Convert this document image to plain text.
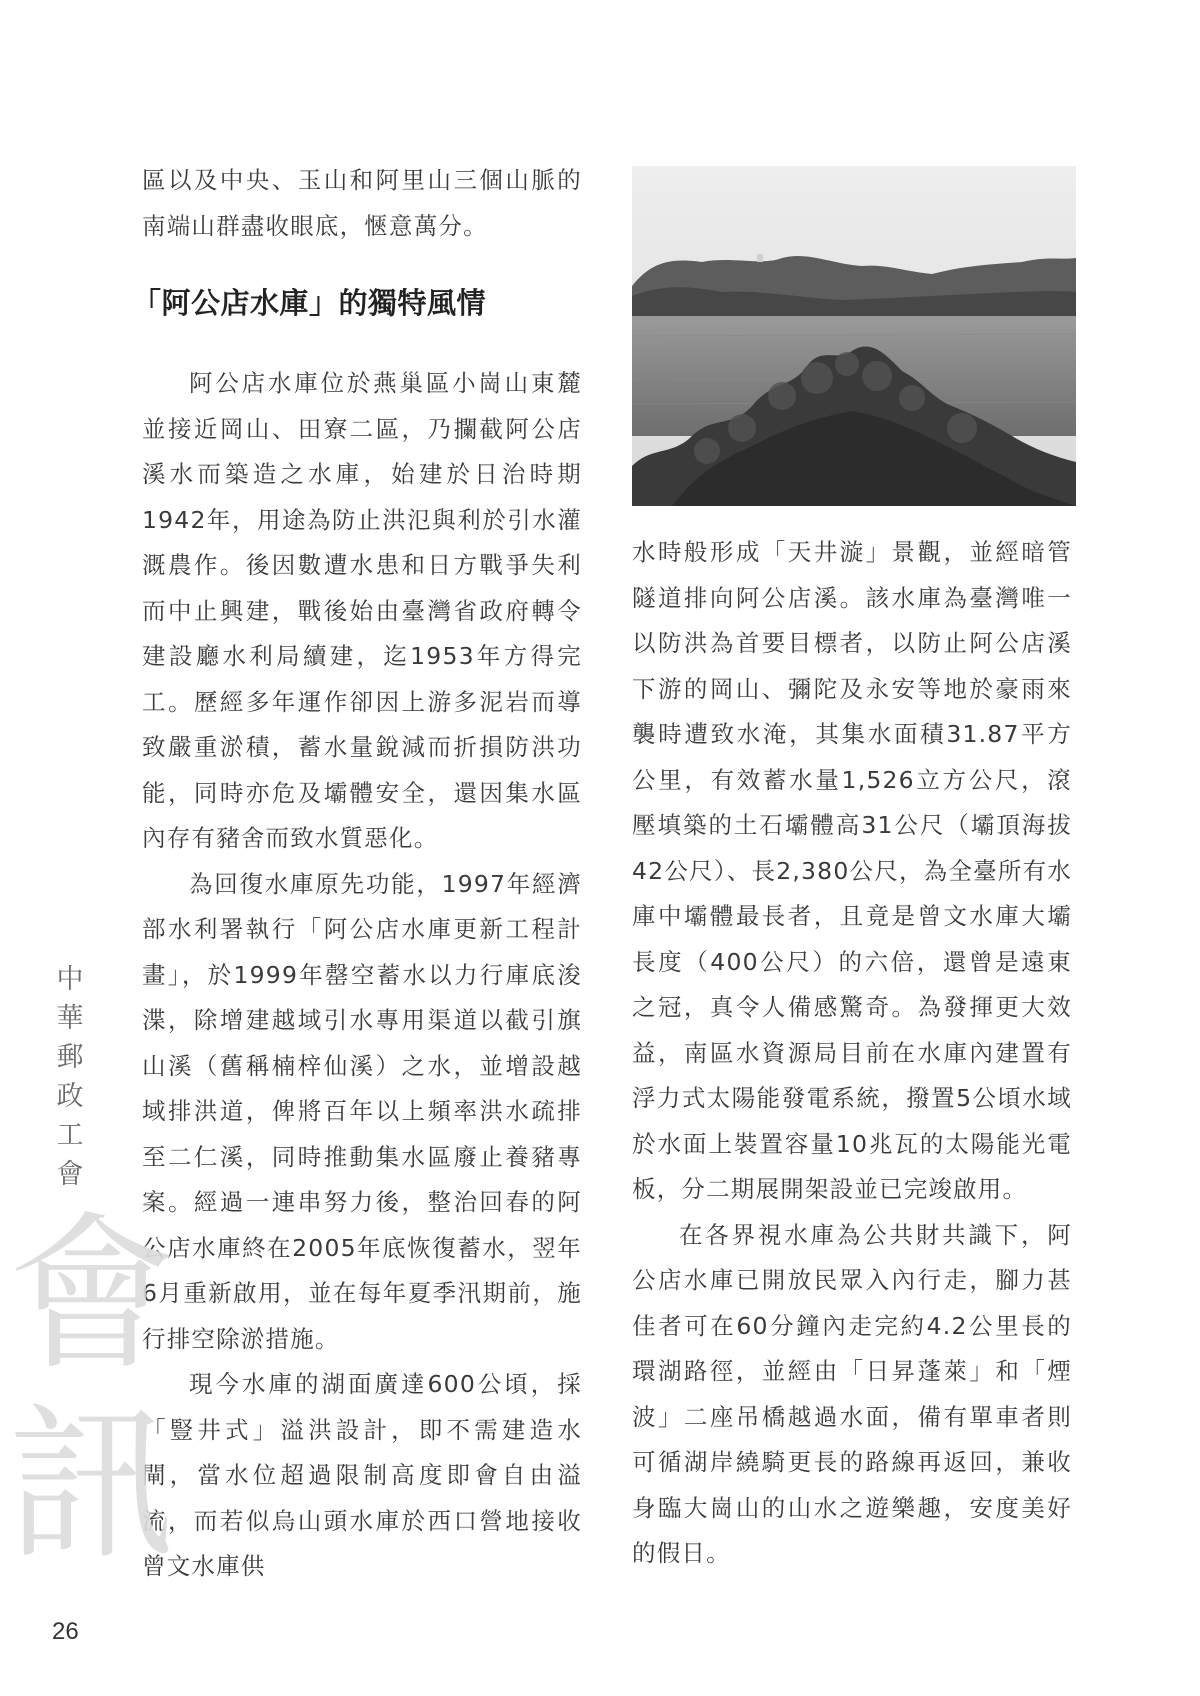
區以及中央、玉山和阿里山三個山脈的南端山群盡收眼底，愜意萬分。

「阿公店水庫」的獨特風情

阿公店水庫位於燕巢區小崗山東麓並接近岡山、田寮二區，乃攔截阿公店溪水而築造之水庫，始建於日治時期1942年，用途為防止洪氾與利於引水灌溉農作。後因數遭水患和日方戰爭失利而中止興建，戰後始由臺灣省政府轉令建設廳水利局續建，迄1953年方得完工。歷經多年運作卻因上游多泥岩而導致嚴重淤積，蓄水量銳減而折損防洪功能，同時亦危及壩體安全，還因集水區內存有豬舍而致水質惡化。

為回復水庫原先功能，1997年經濟部水利署執行「阿公店水庫更新工程計畫」，於1999年罄空蓄水以力行庫底浚渫，除增建越域引水專用渠道以截引旗山溪（舊稱楠梓仙溪）之水，並增設越域排洪道，俾將百年以上頻率洪水疏排至二仁溪，同時推動集水區廢止養豬專案。經過一連串努力後，整治回春的阿公店水庫終在2005年底恢復蓄水，翌年6月重新啟用，並在每年夏季汛期前，施行排空除淤措施。

現今水庫的湖面廣達600公頃，採「豎井式」溢洪設計，即不需建造水閘，當水位超過限制高度即會自由溢流，而若似烏山頭水庫於西口營地接收曾文水庫供

水時般形成「天井漩」景觀，並經暗管隧道排向阿公店溪。該水庫為臺灣唯一以防洪為首要目標者，以防止阿公店溪下游的岡山、彌陀及永安等地於豪雨來襲時遭致水淹，其集水面積31.87平方公里，有效蓄水量1,526立方公尺，滾壓填築的土石壩體高31公尺（壩頂海拔42公尺）、長2,380公尺，為全臺所有水庫中壩體最長者，且竟是曾文水庫大壩長度（400公尺）的六倍，還曾是遠東之冠，真令人備感驚奇。為發揮更大效益，南區水資源局目前在水庫內建置有浮力式太陽能發電系統，撥置5公頃水域於水面上裝置容量10兆瓦的太陽能光電板，分二期展開架設並已完竣啟用。

在各界視水庫為公共財共識下，阿公店水庫已開放民眾入內行走，腳力甚佳者可在60分鐘內走完約4.2公里長的環湖路徑，並經由「日昇蓬萊」和「煙波」二座吊橋越過水面，備有單車者則可循湖岸繞騎更長的路線再返回，兼收身臨大崗山的山水之遊樂趣，安度美好的假日。

中
華
郵
政
工
會
會
訊
26
